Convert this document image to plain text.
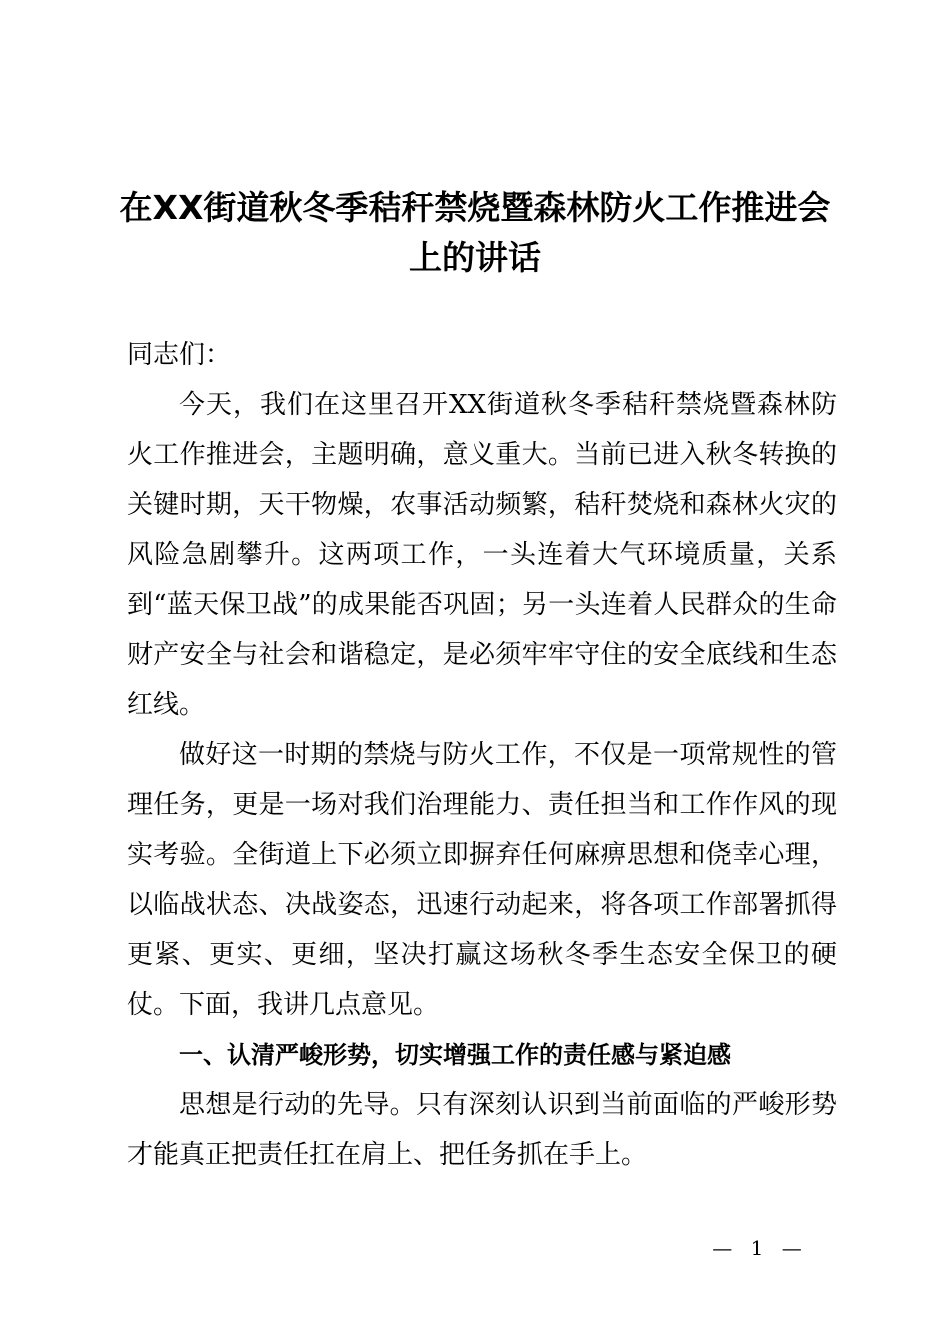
在XX街道秋冬季秸秆禁烧暨森林防火工作推进会上的讲话

同志们：

今天，我们在这里召开XX街道秋冬季秸秆禁烧暨森林防火工作推进会，主题明确，意义重大。当前已进入秋冬转换的关键时期，天干物燥，农事活动频繁，秸秆焚烧和森林火灾的风险急剧攀升。这两项工作，一头连着大气环境质量，关系到“蓝天保卫战”的成果能否巩固；另一头连着人民群众的生命财产安全与社会和谐稳定，是必须牢牢守住的安全底线和生态红线。

做好这一时期的禁烧与防火工作，不仅是一项常规性的管理任务，更是一场对我们治理能力、责任担当和工作作风的现实考验。全街道上下必须立即摒弃任何麻痹思想和侥幸心理，以临战状态、决战姿态，迅速行动起来，将各项工作部署抓得更紧、更实、更细，坚决打赢这场秋冬季生态安全保卫的硬仗。下面，我讲几点意见。

一、认清严峻形势，切实增强工作的责任感与紧迫感

思想是行动的先导。只有深刻认识到当前面临的严峻形势才能真正把责任扛在肩上、把任务抓在手上。

— 1 —
